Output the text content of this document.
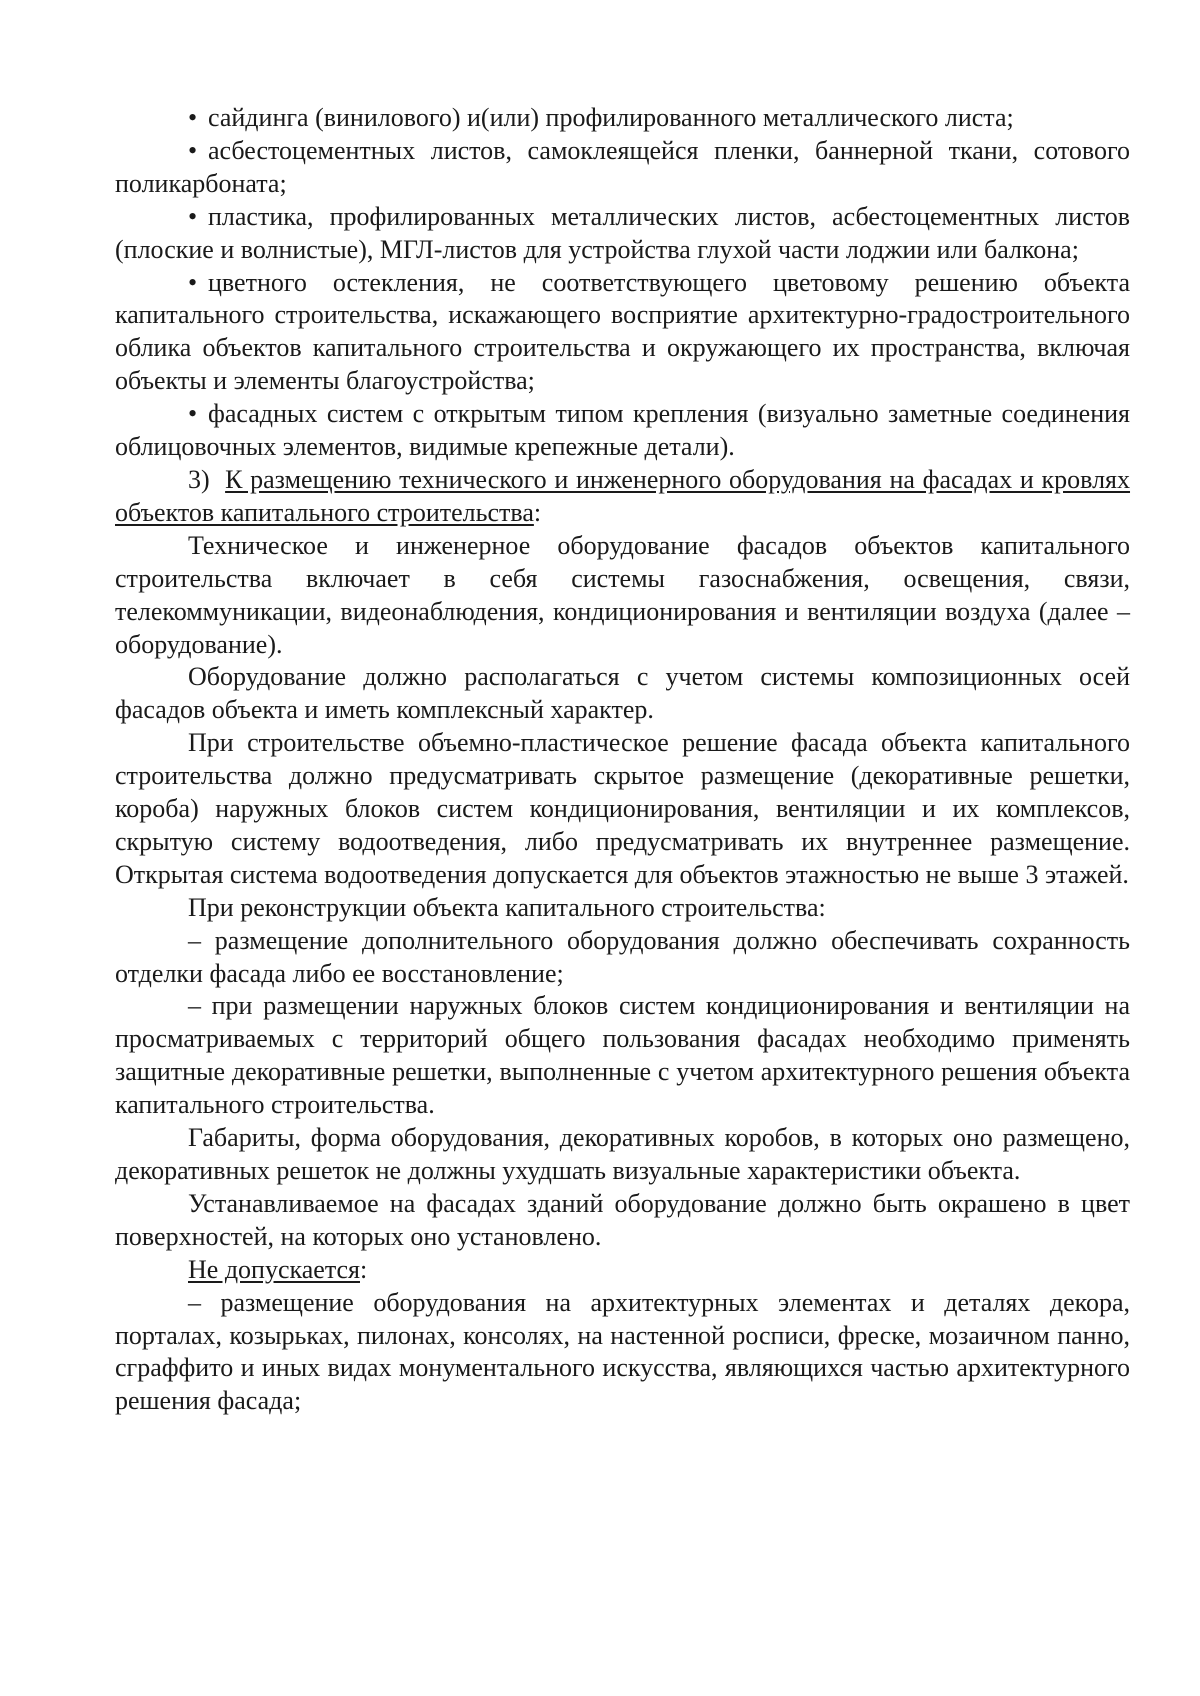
• сайдинга (винилового) и(или) профилированного металлического листа;

• асбестоцементных листов, самоклеящейся пленки, баннерной ткани, сотового поликарбоната;

• пластика, профилированных металлических листов, асбестоцементных листов (плоские и волнистые), МГЛ-листов для устройства глухой части лоджии или балкона;

• цветного остекления, не соответствующего цветовому решению объекта капитального строительства, искажающего восприятие архитектурно-градостроительного облика объектов капитального строительства и окружающего их пространства, включая объекты и элементы благоустройства;

• фасадных систем с открытым типом крепления (визуально заметные соединения облицовочных элементов, видимые крепежные детали).

3) К размещению технического и инженерного оборудования на фасадах и кровлях объектов капитального строительства:

Техническое и инженерное оборудование фасадов объектов капитального строительства включает в себя системы газоснабжения, освещения, связи, телекоммуникации, видеонаблюдения, кондиционирования и вентиляции воздуха (далее – оборудование).

Оборудование должно располагаться с учетом системы композиционных осей фасадов объекта и иметь комплексный характер.

При строительстве объемно-пластическое решение фасада объекта капитального строительства должно предусматривать скрытое размещение (декоративные решетки, короба) наружных блоков систем кондиционирования, вентиляции и их комплексов, скрытую систему водоотведения, либо предусматривать их внутреннее размещение. Открытая система водоотведения допускается для объектов этажностью не выше 3 этажей.

При реконструкции объекта капитального строительства:

– размещение дополнительного оборудования должно обеспечивать сохранность отделки фасада либо ее восстановление;

– при размещении наружных блоков систем кондиционирования и вентиляции на просматриваемых с территорий общего пользования фасадах необходимо применять защитные декоративные решетки, выполненные с учетом архитектурного решения объекта капитального строительства.

Габариты, форма оборудования, декоративных коробов, в которых оно размещено, декоративных решеток не должны ухудшать визуальные характеристики объекта.

Устанавливаемое на фасадах зданий оборудование должно быть окрашено в цвет поверхностей, на которых оно установлено.

Не допускается:

– размещение оборудования на архитектурных элементах и деталях декора, порталах, козырьках, пилонах, консолях, на настенной росписи, фреске, мозаичном панно, сграффито и иных видах монументального искусства, являющихся частью архитектурного решения фасада;
